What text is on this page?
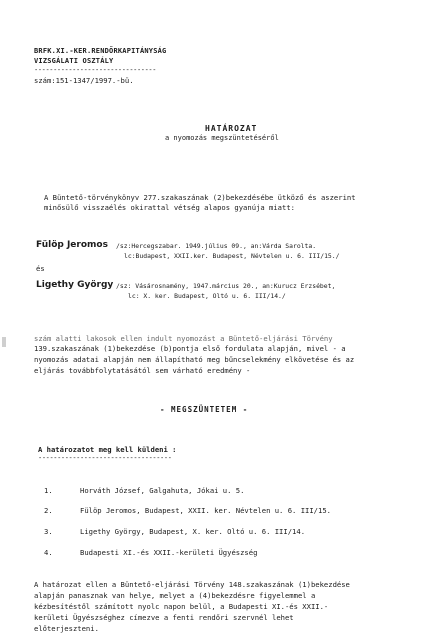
BRFK.XI.-KER.RENDŐRKAPITÁNYSÁG
VIZSGÁLATI OSZTÁLY
--------------------------------
szám:151-1347/1997.-bü.
HATÁROZAT
a nyomozás megszüntetéséről
A Büntető-törvénykönyv 277.szakaszának (2)bekezdésébe ütköző és aszerint
minősülő visszaélés okirattal vétség alapos gyanúja miatt:
Fülöp Jeromos /sz:Hercegszabar. 1949.július 09., an:Várda Sarolta.
lc:Budapest, XXII.ker. Budapest, Névtelen u. 6. III/15./
és
Ligethy György /sz: Vásárosnamény, 1947.március 20., an:Kurucz Erzsébet,
lc: X. ker. Budapest, Oltó u. 6. III/14./
szám alatti lakosok ellen indult nyomozást a Büntető-eljárási Törvény
139.szakaszának (1)bekezdése (b)pontja első fordulata alapján, mivel - a
nyomozás adatai alapján nem állapítható meg bűncselekmény elkövetése és az
eljárás továbbfolytatásától sem várható eredmény -
- MEGSZÜNTETEM -
A határozatot meg kell küldeni :
-----------------------------------
1.	Horváth József, Galgahuta, Jókai u. 5.
2.	Fülöp Jeromos, Budapest, XXII. ker. Névtelen u. 6. III/15.
3.	Ligethy György, Budapest, X. ker. Oltó u. 6. III/14.
4.	Budapesti XI.-és XXII.-kerületi Ügyészség
A határozat ellen a Büntető-eljárási Törvény 148.szakaszának (1)bekezdése
alapján panasznak van helye, melyet a (4)bekezdésre figyelemmel a
kézbesítéstől számított nyolc napon belül, a Budapesti XI.-és XXII.-
kerületi Ügyészséghez címezve a fenti rendőri szervnél lehet
előterjeszteni.
